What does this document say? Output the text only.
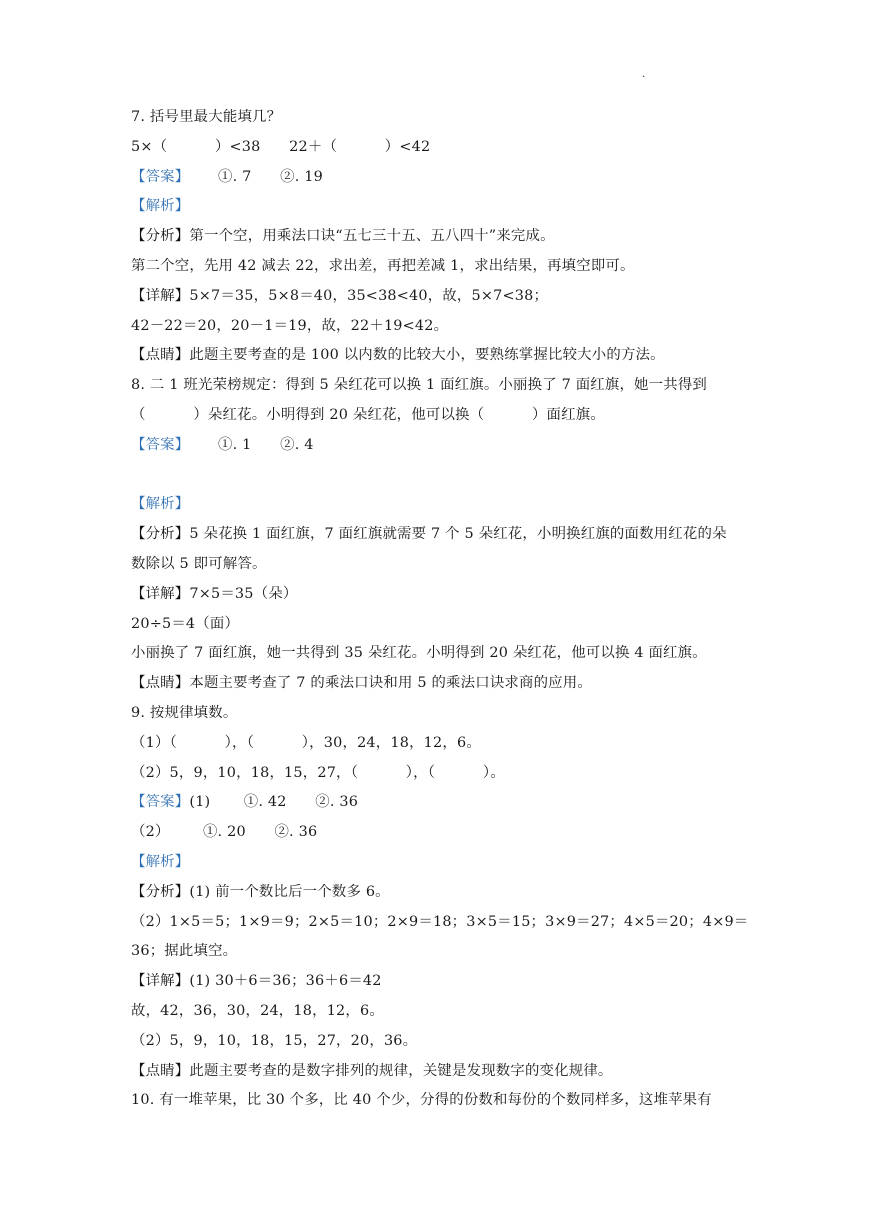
·
7. 括号里最大能填几？
5×（          ）<38      22＋（          ）<42
【答案】      ①. 7      ②. 19
【解析】
【分析】第一个空，用乘法口诀“五七三十五、五八四十”来完成。
第二个空，先用 42 减去 22，求出差，再把差减 1，求出结果，再填空即可。
【详解】5×7＝35，5×8＝40，35<38<40，故，5×7<38；
42－22＝20，20－1＝19，故，22＋19<42。
【点睛】此题主要考查的是 100 以内数的比较大小，要熟练掌握比较大小的方法。
8. 二 1 班光荣榜规定：得到 5 朵红花可以换 1 面红旗。小丽换了 7 面红旗，她一共得到
（          ）朵红花。小明得到 20 朵红花，他可以换（          ）面红旗。
【答案】      ①. 1      ②. 4
【解析】
【分析】5 朵花换 1 面红旗，7 面红旗就需要 7 个 5 朵红花，小明换红旗的面数用红花的朵
数除以 5 即可解答。
【详解】7×5＝35（朵）
20÷5＝4（面）
小丽换了 7 面红旗，她一共得到 35 朵红花。小明得到 20 朵红花，他可以换 4 面红旗。
【点睛】本题主要考查了 7 的乘法口诀和用 5 的乘法口诀求商的应用。
9. 按规律填数。
（1）（          ），（          ），30，24，18，12，6。
（2）5，9，10，18，15，27，（          ），（          ）。
【答案】(1)       ①. 42      ②. 36
（2）       ①. 20      ②. 36
【解析】
【分析】(1) 前一个数比后一个数多 6。
（2）1×5＝5；1×9＝9；2×5＝10；2×9＝18；3×5＝15；3×9＝27；4×5＝20；4×9＝
36；据此填空。
【详解】(1) 30＋6＝36；36＋6＝42
故，42，36，30，24，18，12，6。
（2）5，9，10，18，15，27，20，36。
【点睛】此题主要考查的是数字排列的规律，关键是发现数字的变化规律。
10. 有一堆苹果，比 30 个多，比 40 个少，分得的份数和每份的个数同样多，这堆苹果有
